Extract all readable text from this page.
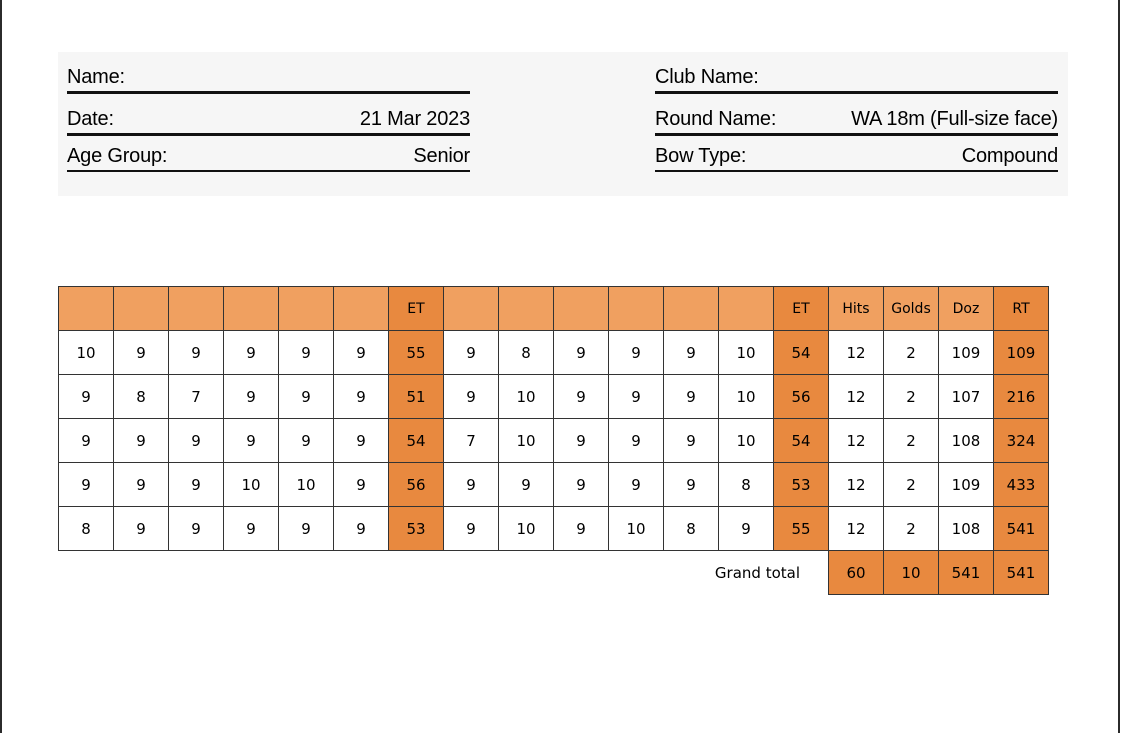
Name:
Date:	21 Mar 2023
Age Group:	Senior
Club Name:
Round Name:	WA 18m (Full-size face)
Bow Type:	Compound
						ET							ET	Hits	Golds	Doz	RT
10	9	9	9	9	9	55	9	8	9	9	9	10	54	12	2	109	109
9	8	7	9	9	9	51	9	10	9	9	9	10	56	12	2	107	216
9	9	9	9	9	9	54	7	10	9	9	9	10	54	12	2	108	324
9	9	9	10	10	9	56	9	9	9	9	9	8	53	12	2	109	433
8	9	9	9	9	9	53	9	10	9	10	8	9	55	12	2	108	541
Grand total														60	10	541	541
